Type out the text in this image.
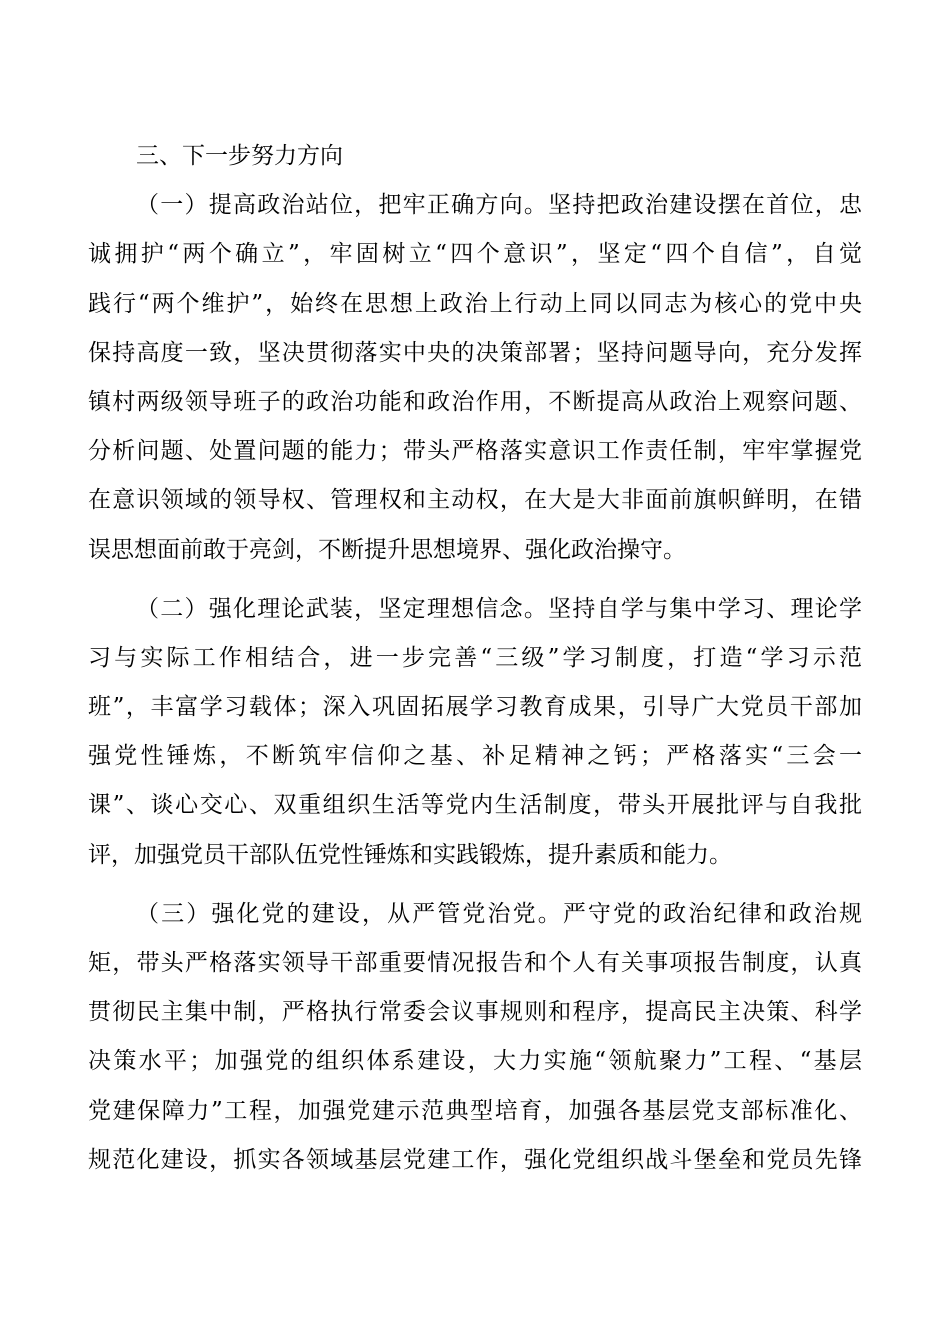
三、下一步努力方向
（一）提高政治站位，把牢正确方向。坚持把政治建设摆在首位，忠
诚拥护“两个确立”，牢固树立“四个意识”，坚定“四个自信”，自觉
践行“两个维护”，始终在思想上政治上行动上同以同志为核心的党中央
保持高度一致，坚决贯彻落实中央的决策部署；坚持问题导向，充分发挥
镇村两级领导班子的政治功能和政治作用，不断提高从政治上观察问题、
分析问题、处置问题的能力；带头严格落实意识工作责任制，牢牢掌握党
在意识领域的领导权、管理权和主动权，在大是大非面前旗帜鲜明，在错
误思想面前敢于亮剑，不断提升思想境界、强化政治操守。
（二）强化理论武装，坚定理想信念。坚持自学与集中学习、理论学
习与实际工作相结合，进一步完善“三级”学习制度，打造“学习示范
班”，丰富学习载体；深入巩固拓展学习教育成果，引导广大党员干部加
强党性锤炼，不断筑牢信仰之基、补足精神之钙；严格落实“三会一
课”、谈心交心、双重组织生活等党内生活制度，带头开展批评与自我批
评，加强党员干部队伍党性锤炼和实践锻炼，提升素质和能力。
（三）强化党的建设，从严管党治党。严守党的政治纪律和政治规
矩，带头严格落实领导干部重要情况报告和个人有关事项报告制度，认真
贯彻民主集中制，严格执行常委会议事规则和程序，提高民主决策、科学
决策水平；加强党的组织体系建设，大力实施“领航聚力”工程、“基层
党建保障力”工程，加强党建示范典型培育，加强各基层党支部标准化、
规范化建设，抓实各领域基层党建工作，强化党组织战斗堡垒和党员先锋
